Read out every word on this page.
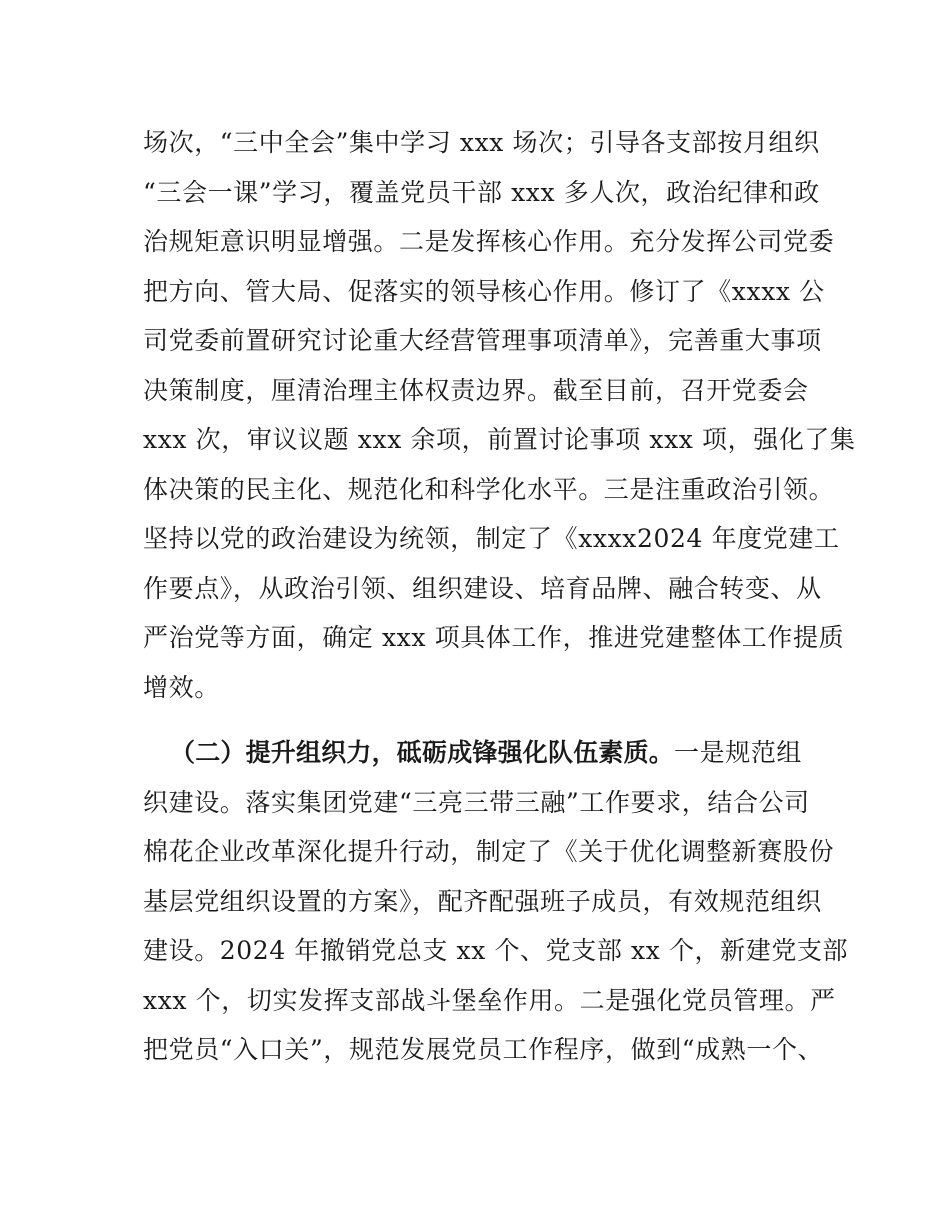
场次，“三中全会”集中学习 xxx 场次；引导各支部按月组织
“三会一课”学习，覆盖党员干部 xxx 多人次，政治纪律和政
治规矩意识明显增强。二是发挥核心作用。充分发挥公司党委
把方向、管大局、促落实的领导核心作用。修订了《xxxx 公
司党委前置研究讨论重大经营管理事项清单》，完善重大事项
决策制度，厘清治理主体权责边界。截至目前，召开党委会
xxx 次，审议议题 xxx 余项，前置讨论事项 xxx 项，强化了集
体决策的民主化、规范化和科学化水平。三是注重政治引领。
坚持以党的政治建设为统领，制定了《xxxx2024 年度党建工
作要点》，从政治引领、组织建设、培育品牌、融合转变、从
严治党等方面，确定 xxx 项具体工作，推进党建整体工作提质
增效。
（二）提升组织力，砥砺成锋强化队伍素质。一是规范组
织建设。落实集团党建“三亮三带三融”工作要求，结合公司
棉花企业改革深化提升行动，制定了《关于优化调整新赛股份
基层党组织设置的方案》，配齐配强班子成员，有效规范组织
建设。2024 年撤销党总支 xx 个、党支部 xx 个，新建党支部
xxx 个，切实发挥支部战斗堡垒作用。二是强化党员管理。严
把党员“入口关”，规范发展党员工作程序，做到“成熟一个、
